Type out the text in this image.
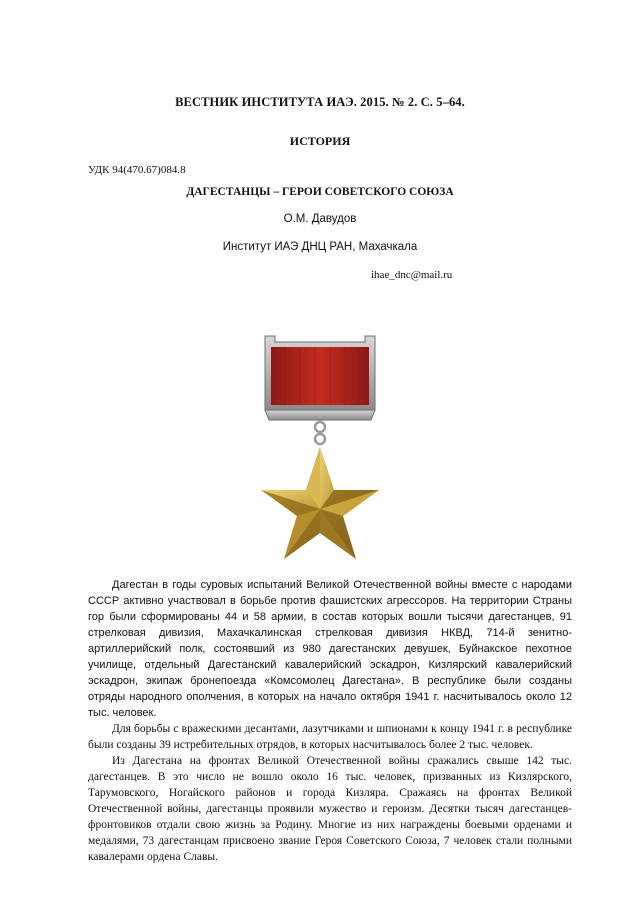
ВЕСТНИК ИНСТИТУТА ИАЭ. 2015. № 2. С. 5–64.
ИСТОРИЯ
УДК 94(470.67)084.8
ДАГЕСТАНЦЫ – ГЕРОИ СОВЕТСКОГО СОЮЗА
О.М. Давудов
Институт ИАЭ ДНЦ РАН, Махачкала
ihae_dnc@mail.ru

Дагестан в годы суровых испытаний Великой Отечественной войны вместе с народами СССР активно участвовал в борьбе против фашистских агрессоров. На территории Страны гор были сформированы 44 и 58 армии, в состав которых вошли тысячи дагестанцев, 91 стрелковая дивизия, Махачкалинская стрелковая дивизия НКВД, 714-й зенитно-артиллерийский полк, состоявший из 980 дагестанских девушек, Буйнакское пехотное училище, отдельный Дагестанский кавалерийский эскадрон, Кизлярский кавалерийский эскадрон, экипаж бронепоезда «Комсомолец Дагестана». В республике были созданы отряды народного ополчения, в которых на начало октября 1941 г. насчитывалось около 12 тыс. человек.

Для борьбы с вражескими десантами, лазутчиками и шпионами к концу 1941 г. в республике были созданы 39 истребительных отрядов, в которых насчитывалось более 2 тыс. человек.

Из Дагестана на фронтах Великой Отечественной войны сражались свыше 142 тыс. дагестанцев. В это число не вошло около 16 тыс. человек, призванных из Кизлярского, Тарумовского, Ногайского районов и города Кизляра. Сражаясь на фронтах Великой Отечественной войны, дагестанцы проявили мужество и героизм. Десятки тысяч дагестанцев-фронтовиков отдали свою жизнь за Родину. Многие из них награждены боевыми орденами и медалями, 73 дагестанцам присвоено звание Героя Советского Союза, 7 человек стали полными кавалерами ордена Славы.
